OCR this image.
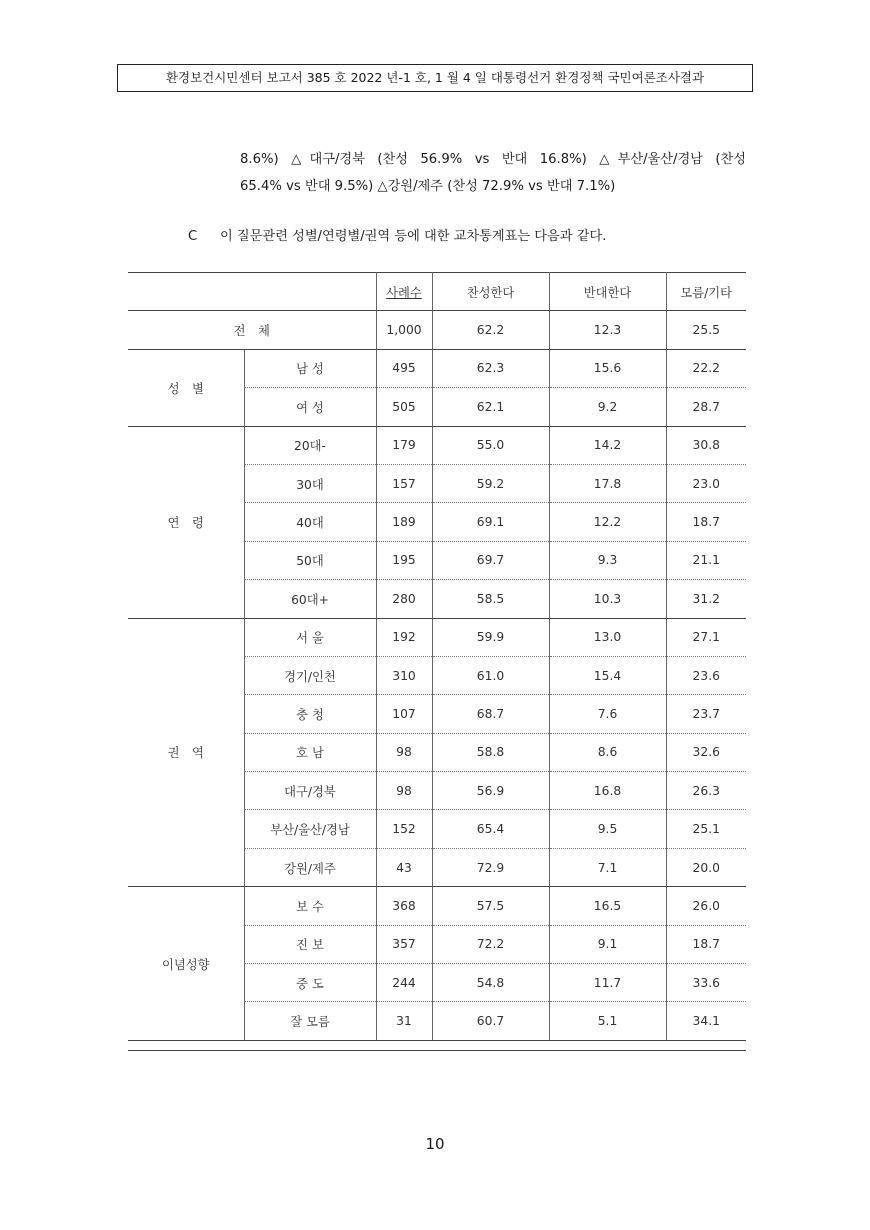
환경보건시민센터 보고서 385 호 2022 년-1 호, 1 월 4 일 대통령선거 환경정책 국민여론조사결과
8.6%) △대구/경북 (찬성 56.9% vs 반대 16.8%) △부산/울산/경남 (찬성
65.4% vs 반대 9.5%) △강원/제주 (찬성 72.9% vs 반대 7.1%)
C 이 질문관련 성별/연령별/권역 등에 대한 교차통계표는 다음과 같다.
		사례수	찬성한다	반대한다	모름/기타
전 체		1,000	62.2	12.3	25.5
성 별	남 성	495	62.3	15.6	22.2
	여 성	505	62.1	9.2	28.7
연 령	20대-	179	55.0	14.2	30.8
	30대	157	59.2	17.8	23.0
	40대	189	69.1	12.2	18.7
	50대	195	69.7	9.3	21.1
	60대+	280	58.5	10.3	31.2
권 역	서 울	192	59.9	13.0	27.1
	경기/인천	310	61.0	15.4	23.6
	충 청	107	68.7	7.6	23.7
	호 남	98	58.8	8.6	32.6
	대구/경북	98	56.9	16.8	26.3
	부산/울산/경남	152	65.4	9.5	25.1
	강원/제주	43	72.9	7.1	20.0
이념성향	보 수	368	57.5	16.5	26.0
	진 보	357	72.2	9.1	18.7
	중 도	244	54.8	11.7	33.6
	잘 모름	31	60.7	5.1	34.1
10
